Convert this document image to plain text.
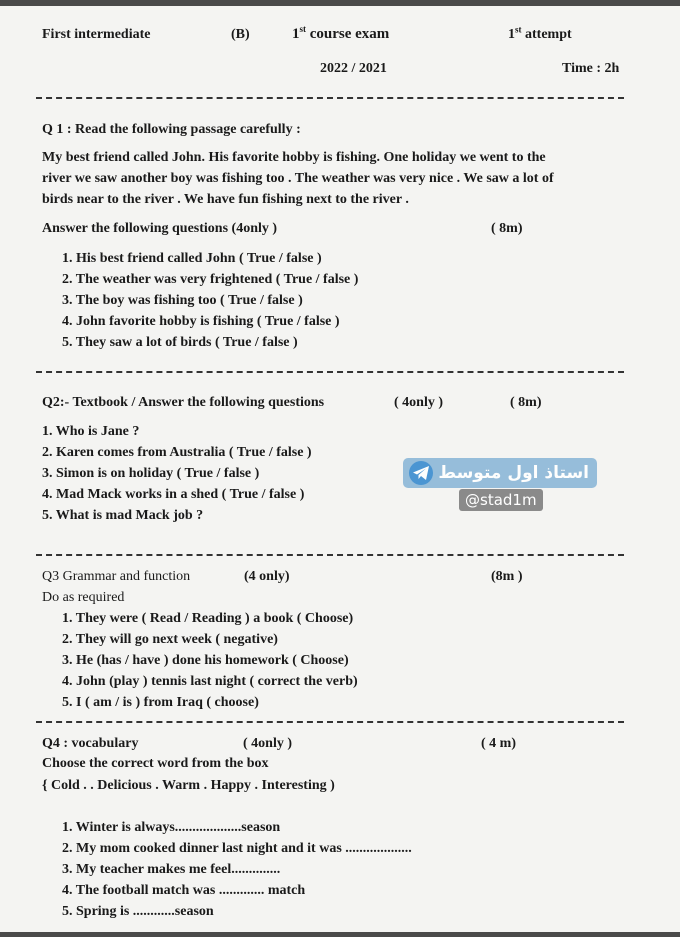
First intermediate	(B)	1st course exam	1st attempt
2022 / 2021	Time : 2h
Q 1 : Read the following passage carefully :
My best friend called John. His favorite hobby is fishing. One holiday we went to the
river we saw another boy was fishing too . The weather was very nice . We saw a lot of
birds near to the river . We have fun fishing next to the river .
Answer the following questions (4only )	( 8m)
1. His best friend called John ( True / false )
2. The weather was very frightened ( True / false )
3. The boy was fishing too ( True / false )
4. John favorite hobby is fishing ( True / false )
5. They saw a lot of birds ( True / false )
Q2:- Textbook / Answer the following questions	( 4only )	( 8m)
1. Who is Jane ?
2. Karen comes from Australia ( True / false )
3. Simon is on holiday ( True / false )
4. Mad Mack works in a shed ( True / false )
5. What is mad Mack job ?
استاذ اول متوسط
@stad1m
Q3 Grammar and function	(4 only)	(8m )
Do as required
1. They were ( Read / Reading ) a book ( Choose)
2. They will go next week ( negative)
3. He (has / have ) done his homework ( Choose)
4. John (play ) tennis last night ( correct the verb)
5. I ( am / is ) from Iraq ( choose)
Q4 : vocabulary	( 4only )	( 4 m)
Choose the correct word from the box
{ Cold . . Delicious . Warm . Happy . Interesting )
1. Winter is always...................season
2. My mom cooked dinner last night and it was ...................
3. My teacher makes me feel..............
4. The football match was ............. match
5. Spring is ............season
